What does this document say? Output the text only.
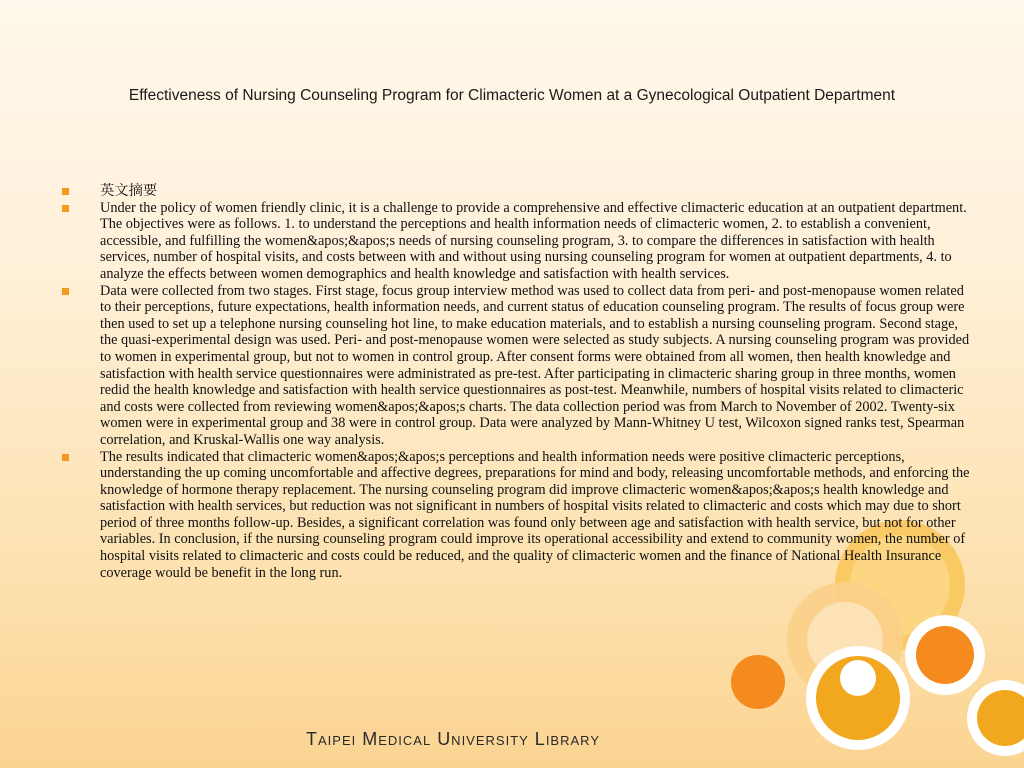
Effectiveness of Nursing Counseling Program for Climacteric Women at a Gynecological Outpatient Department
英文摘要
Under the policy of women friendly clinic, it is a challenge to provide a comprehensive and effective climacteric education at an outpatient department. The objectives were as follows. 1. to understand the perceptions and health information needs of climacteric women, 2. to establish a convenient, accessible, and fulfilling the women&apos;&apos;s needs of nursing counseling program, 3. to compare the differences in satisfaction with health services, number of hospital visits, and costs between with and without using nursing counseling program for women at outpatient departments, 4. to analyze the effects between women demographics and health knowledge and satisfaction with health services.
Data were collected from two stages. First stage, focus group interview method was used to collect data from peri- and post-menopause women related to their perceptions, future expectations, health information needs, and current status of education counseling program. The results of focus group were then used to set up a telephone nursing counseling hot line, to make education materials, and to establish a nursing counseling program. Second stage, the quasi-experimental design was used. Peri- and post-menopause women were selected as study subjects. A nursing counseling program was provided to women in experimental group, but not to women in control group. After consent forms were obtained from all women, then health knowledge and satisfaction with health service questionnaires were administrated as pre-test. After participating in climacteric sharing group in three months, women redid the health knowledge and satisfaction with health service questionnaires as post-test. Meanwhile, numbers of hospital visits related to climacteric and costs were collected from reviewing women&apos;&apos;s charts. The data collection period was from March to November of 2002. Twenty-six women were in experimental group and 38 were in control group. Data were analyzed by Mann-Whitney U test, Wilcoxon signed ranks test, Spearman correlation, and Kruskal-Wallis one way analysis.
The results indicated that climacteric women&apos;&apos;s perceptions and health information needs were positive climacteric perceptions, understanding the up coming uncomfortable and affective degrees, preparations for mind and body, releasing uncomfortable methods, and enforcing the knowledge of hormone therapy replacement. The nursing counseling program did improve climacteric women&apos;&apos;s health knowledge and satisfaction with health services, but reduction was not significant in numbers of hospital visits related to climacteric and costs which may due to short period of three months follow-up. Besides, a significant correlation was found only between age and satisfaction with health service, but not for other variables. In conclusion, if the nursing counseling program could improve its operational accessibility and extend to community women, the number of hospital visits related to climacteric and costs could be reduced, and the quality of climacteric women and the finance of National Health Insurance coverage would be benefit in the long run.
Taipei Medical University Library
